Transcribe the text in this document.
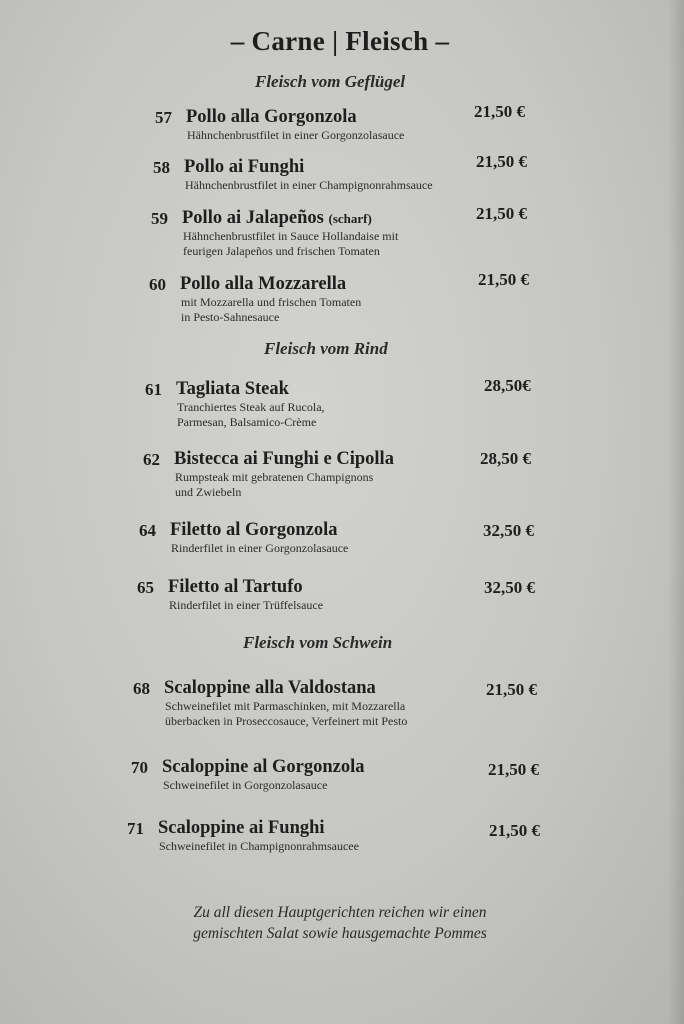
– Carne | Fleisch –
Fleisch vom Geflügel
57 Pollo alla Gorgonzola
Hähnchenbrustfilet in einer Gorgonzolasauce
21,50 €
58 Pollo ai Funghi
Hähnchenbrustfilet in einer Champignonrahmsauce
21,50 €
59 Pollo ai Jalapeños (scharf)
Hähnchenbrustfilet in Sauce Hollandaise mit
feurigen Jalapeños und frischen Tomaten
21,50 €
60 Pollo alla Mozzarella
mit Mozzarella und frischen Tomaten
in Pesto-Sahnesauce
21,50 €
Fleisch vom Rind
61 Tagliata Steak
Tranchiertes Steak auf Rucola,
Parmesan, Balsamico-Crème
28,50€
62 Bistecca ai Funghi e Cipolla
Rumpsteak mit gebratenen Champignons
und Zwiebeln
28,50 €
64 Filetto al Gorgonzola
Rinderfilet in einer Gorgonzolasauce
32,50 €
65 Filetto al Tartufo
Rinderfilet in einer Trüffelsauce
32,50 €
Fleisch vom Schwein
68 Scaloppine alla Valdostana
Schweinefilet mit Parmaschinken, mit Mozzarella
überbacken in Proseccosauce, Verfeinert mit Pesto
21,50 €
70 Scaloppine al Gorgonzola
Schweinefilet in Gorgonzolasauce
21,50 €
71 Scaloppine ai Funghi
Schweinefilet in Champignonrahmsaucee
21,50 €
Zu all diesen Hauptgerichten reichen wir einen
gemischten Salat sowie hausgemachte Pommes
